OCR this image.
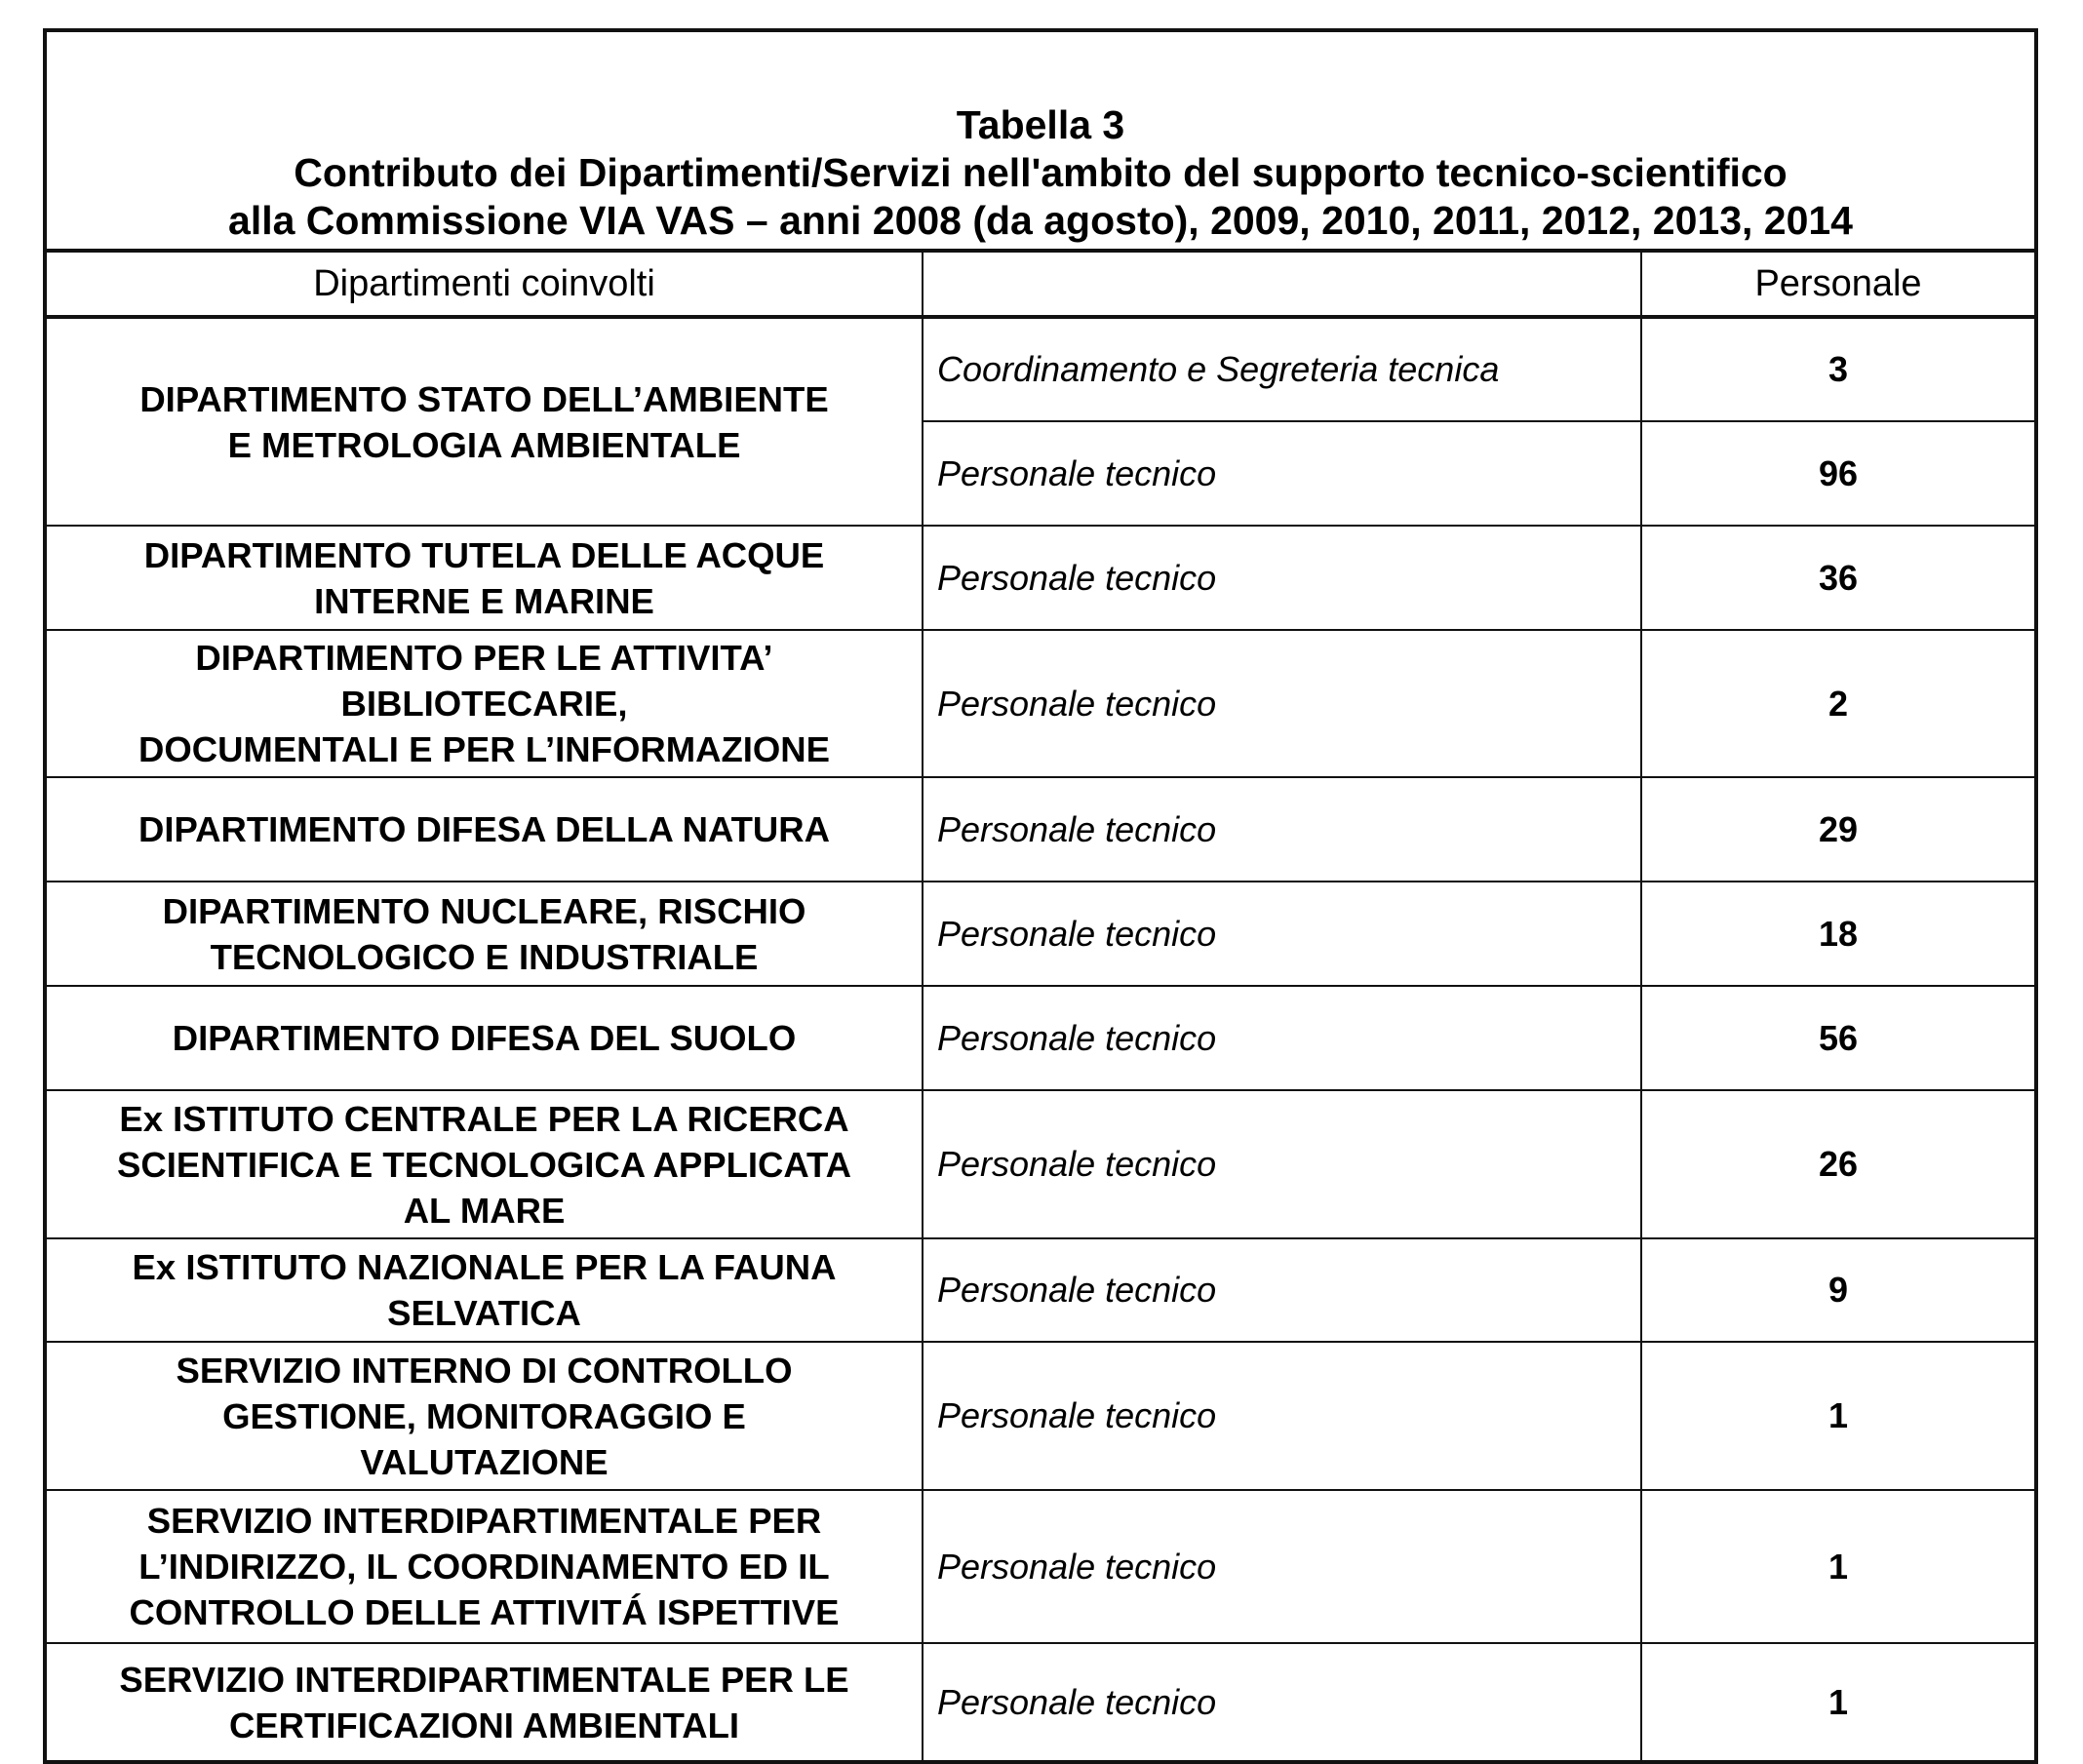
Tabella 3
Contributo dei Dipartimenti/Servizi nell'ambito del supporto tecnico-scientifico
alla Commissione VIA VAS – anni 2008 (da agosto), 2009, 2010, 2011, 2012, 2013, 2014		

Dipartimenti coinvolti		Personale

DIPARTIMENTO STATO DELL’AMBIENTE
E METROLOGIA AMBIENTALE	Coordinamento e Segreteria tecnica	3
	Personale tecnico	96

DIPARTIMENTO TUTELA DELLE ACQUE
INTERNE E MARINE	Personale tecnico	36

DIPARTIMENTO PER LE ATTIVITA’
BIBLIOTECARIE,
DOCUMENTALI E PER L’INFORMAZIONE	Personale tecnico	2

DIPARTIMENTO DIFESA DELLA NATURA	Personale tecnico	29

DIPARTIMENTO NUCLEARE, RISCHIO
TECNOLOGICO E INDUSTRIALE	Personale tecnico	18

DIPARTIMENTO DIFESA DEL SUOLO	Personale tecnico	56

Ex ISTITUTO CENTRALE PER LA RICERCA
SCIENTIFICA E TECNOLOGICA APPLICATA
AL MARE	Personale tecnico	26

Ex ISTITUTO NAZIONALE PER LA FAUNA
SELVATICA	Personale tecnico	9

SERVIZIO INTERNO DI CONTROLLO
GESTIONE, MONITORAGGIO E
VALUTAZIONE	Personale tecnico	1

SERVIZIO INTERDIPARTIMENTALE PER
L’INDIRIZZO, IL COORDINAMENTO ED IL
CONTROLLO DELLE ATTIVITÁ ISPETTIVE	Personale tecnico	1

SERVIZIO INTERDIPARTIMENTALE PER LE
CERTIFICAZIONI AMBIENTALI	Personale tecnico	1
